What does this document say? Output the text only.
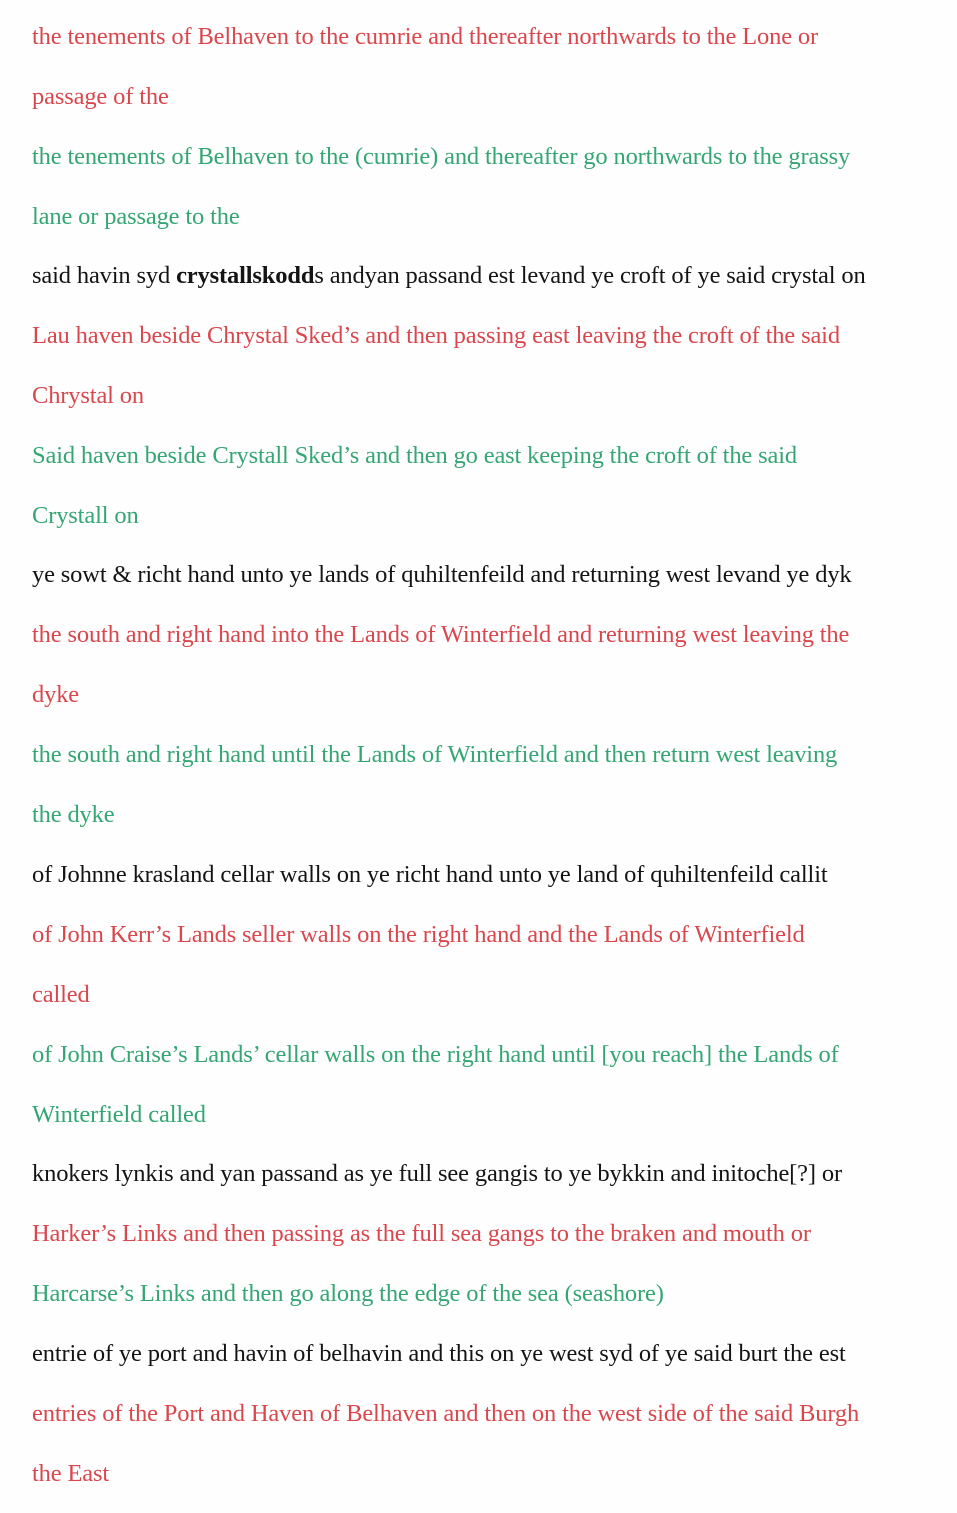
the tenements of Belhaven to the cumrie and thereafter northwards to the Lone or

passage of the

the tenements of Belhaven to the (cumrie) and thereafter go northwards to the grassy

lane or passage to the

said havin syd crystallskodds andyan passand est levand ye croft of ye said crystal on

Lau haven beside Chrystal Sked’s and then passing east leaving the croft of the said

Chrystal on

Said haven beside Crystall Sked’s and then go east keeping the croft of the said

Crystall on

ye sowt & richt hand unto ye lands of quhiltenfeild and returning west levand ye dyk

the south and right hand into the Lands of Winterfield and returning west leaving the

dyke

the south and right hand until the Lands of Winterfield and then return west leaving

the dyke

of Johnne krasland cellar walls on ye richt hand unto ye land of quhiltenfeild callit

of John Kerr’s Lands seller walls on the right hand and the Lands of Winterfield

called

of John Craise’s Lands’ cellar walls on the right hand until [you reach] the Lands of

Winterfield called

knokers lynkis and yan passand as ye full see gangis to ye bykkin and initoche[?] or

Harker’s Links and then passing as the full sea gangs to the braken and mouth or

Harcarse’s Links and then go along the edge of the sea (seashore)

entrie of ye port and havin of belhavin and this on ye west syd of ye said burt the est

entries of the Port and Haven of Belhaven and then on the west side of the said Burgh

the East
